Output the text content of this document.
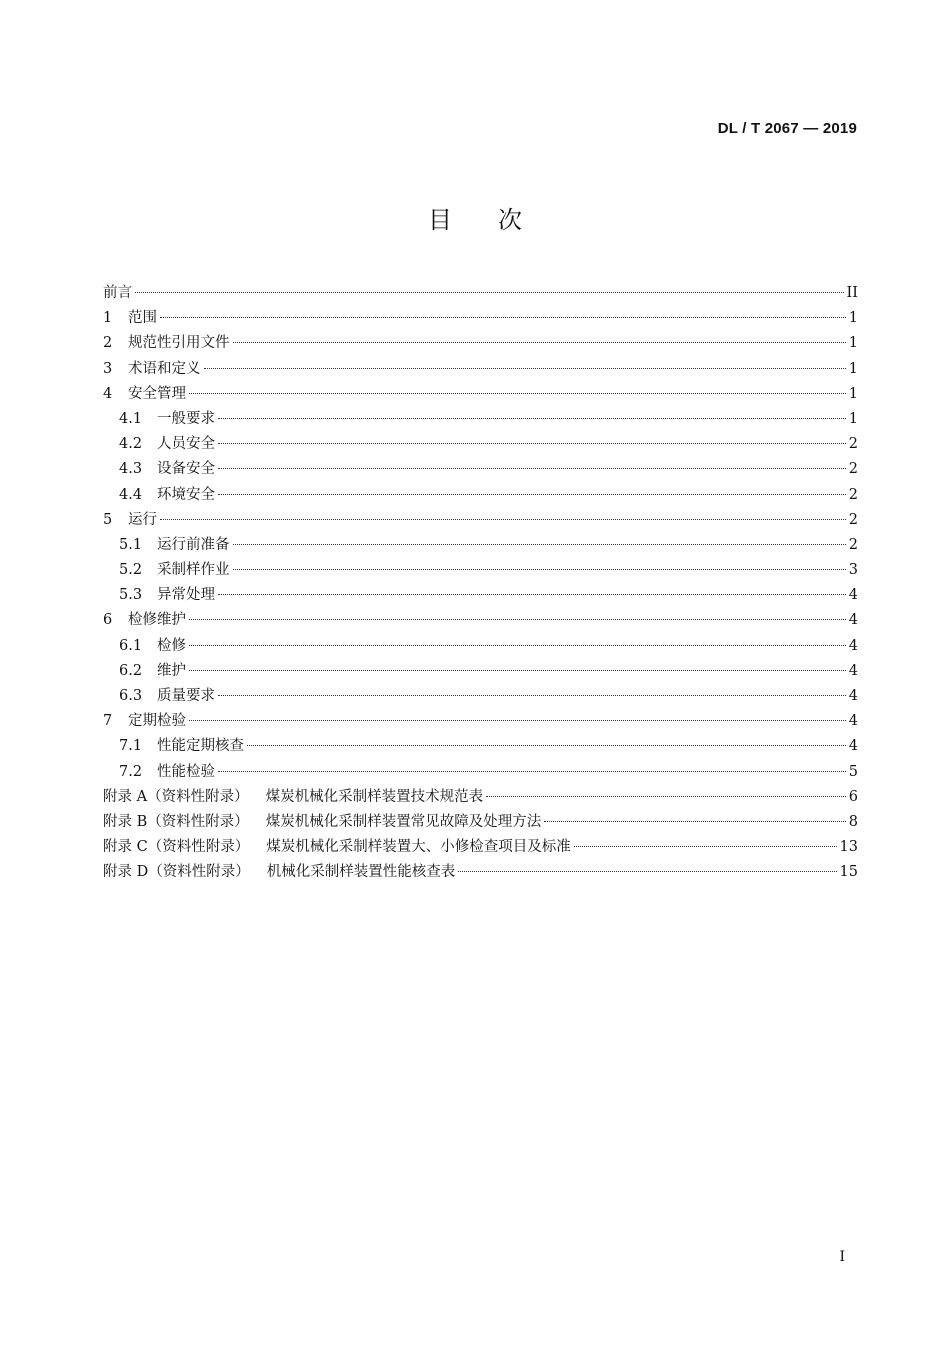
DL / T 2067 — 2019
目次
前言	II
1	范围	1
2	规范性引用文件	1
3	术语和定义	1
4	安全管理	1
4.1	一般要求	1
4.2	人员安全	2
4.3	设备安全	2
4.4	环境安全	2
5	运行	2
5.1	运行前准备	2
5.2	采制样作业	3
5.3	异常处理	4
6	检修维护	4
6.1	检修	4
6.2	维护	4
6.3	质量要求	4
7	定期检验	4
7.1	性能定期核查	4
7.2	性能检验	5
附录 A（资料性附录） 煤炭机械化采制样装置技术规范表	6
附录 B（资料性附录） 煤炭机械化采制样装置常见故障及处理方法	8
附录 C（资料性附录） 煤炭机械化采制样装置大、小修检查项目及标准	13
附录 D（资料性附录） 机械化采制样装置性能核查表	15
I
